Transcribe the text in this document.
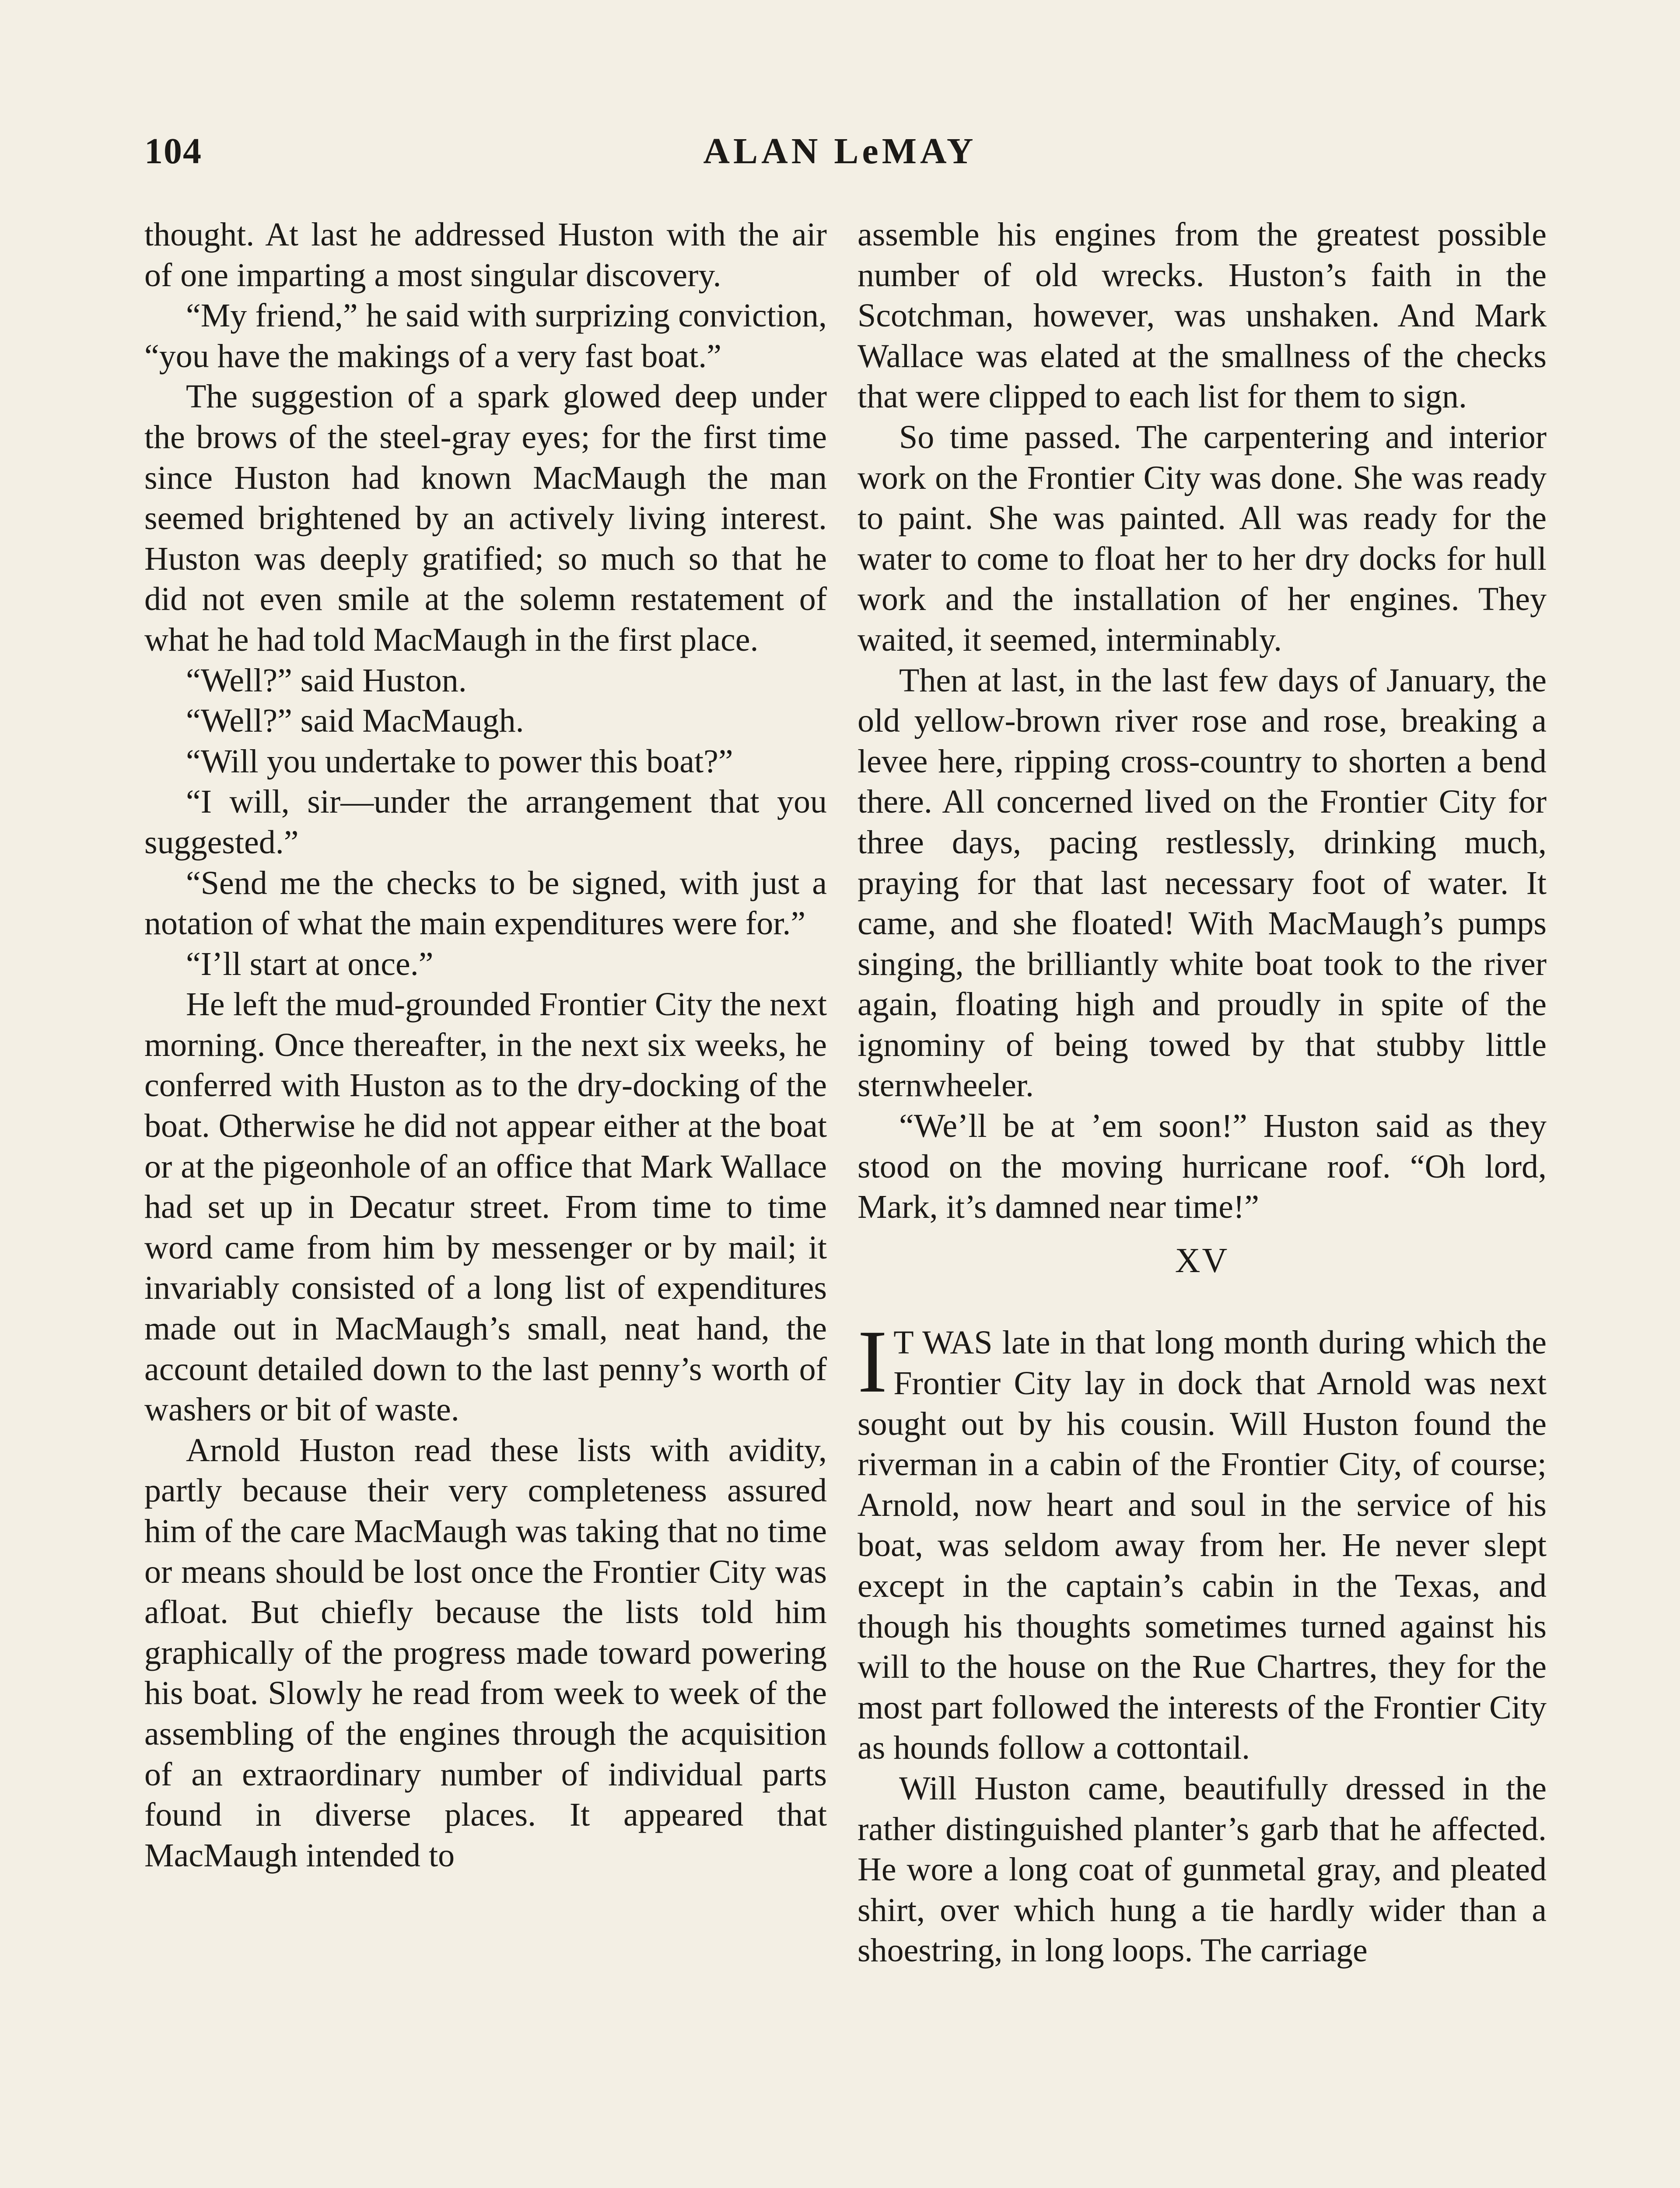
104	ALAN LeMAY

thought. At last he addressed Huston with the air of one imparting a most singular discovery.

“My friend,” he said with surprizing conviction, “you have the makings of a very fast boat.”

The suggestion of a spark glowed deep under the brows of the steel-gray eyes; for the first time since Huston had known MacMaugh the man seemed brightened by an actively living interest. Huston was deeply gratified; so much so that he did not even smile at the solemn restatement of what he had told MacMaugh in the first place.

“Well?” said Huston.

“Well?” said MacMaugh.

“Will you undertake to power this boat?”

“I will, sir—under the arrangement that you suggested.”

“Send me the checks to be signed, with just a notation of what the main expenditures were for.”

“I’ll start at once.”

He left the mud-grounded Frontier City the next morning. Once thereafter, in the next six weeks, he conferred with Huston as to the dry-docking of the boat. Otherwise he did not appear either at the boat or at the pigeonhole of an office that Mark Wallace had set up in Decatur street. From time to time word came from him by messenger or by mail; it invariably consisted of a long list of expenditures made out in MacMaugh’s small, neat hand, the account detailed down to the last penny’s worth of washers or bit of waste.

Arnold Huston read these lists with avidity, partly because their very completeness assured him of the care MacMaugh was taking that no time or means should be lost once the Frontier City was afloat. But chiefly because the lists told him graphically of the progress made toward powering his boat. Slowly he read from week to week of the assembling of the engines through the acquisition of an extraordinary number of individual parts found in diverse places. It appeared that MacMaugh intended to

assemble his engines from the greatest possible number of old wrecks. Huston’s faith in the Scotchman, however, was unshaken. And Mark Wallace was elated at the smallness of the checks that were clipped to each list for them to sign.

So time passed. The carpentering and interior work on the Frontier City was done. She was ready to paint. She was painted. All was ready for the water to come to float her to her dry docks for hull work and the installation of her engines. They waited, it seemed, interminably.

Then at last, in the last few days of January, the old yellow-brown river rose and rose, breaking a levee here, ripping cross-country to shorten a bend there. All concerned lived on the Frontier City for three days, pacing restlessly, drinking much, praying for that last necessary foot of water. It came, and she floated! With MacMaugh’s pumps singing, the brilliantly white boat took to the river again, floating high and proudly in spite of the ignominy of being towed by that stubby little sternwheeler.

“We’ll be at ’em soon!” Huston said as they stood on the moving hurricane roof. “Oh lord, Mark, it’s damned near time!”

XV

I T WAS late in that long month during which the Frontier City lay in dock that Arnold was next sought out by his cousin. Will Huston found the riverman in a cabin of the Frontier City, of course; Arnold, now heart and soul in the service of his boat, was seldom away from her. He never slept except in the captain’s cabin in the Texas, and though his thoughts sometimes turned against his will to the house on the Rue Chartres, they for the most part followed the interests of the Frontier City as hounds follow a cottontail.

Will Huston came, beautifully dressed in the rather distinguished planter’s garb that he affected. He wore a long coat of gunmetal gray, and pleated shirt, over which hung a tie hardly wider than a shoestring, in long loops. The carriage
